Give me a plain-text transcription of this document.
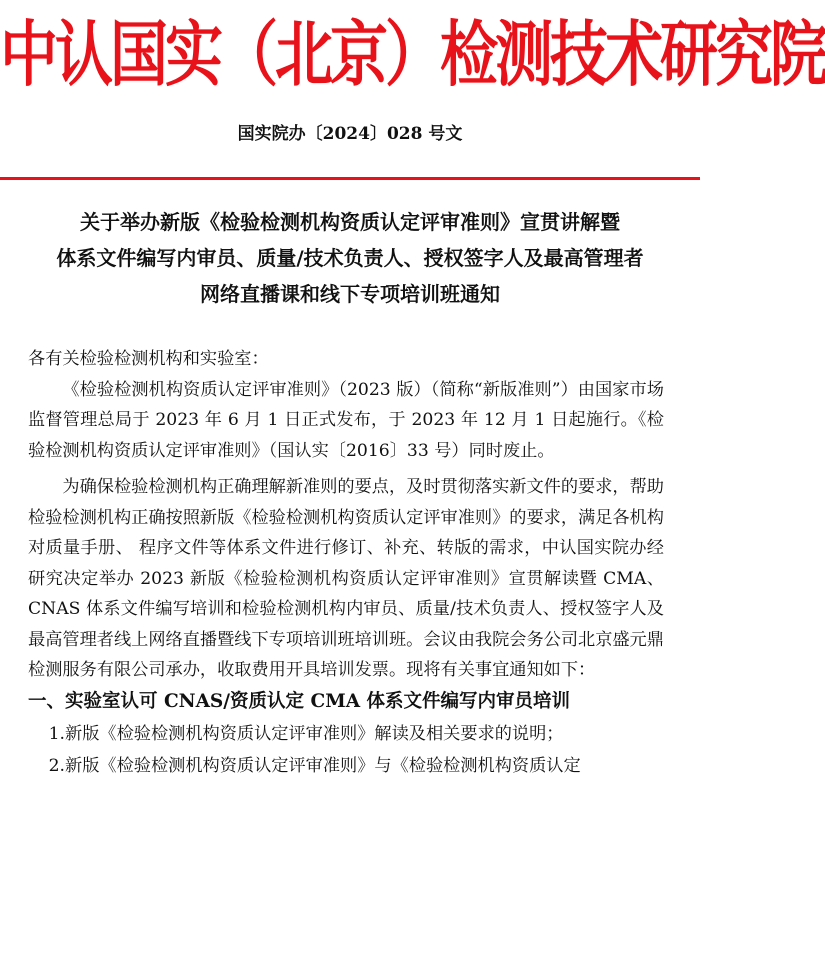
中认国实（北京）检测技术研究院
国实院办〔2024〕028 号文
关于举办新版《检验检测机构资质认定评审准则》宣贯讲解暨
体系文件编写内审员、质量/技术负责人、授权签字人及最高管理者
网络直播课和线下专项培训班通知

各有关检验检测机构和实验室：

《检验检测机构资质认定评审准则》（2023 版）（简称“新版准则”）由国家市场监督管理总局于 2023 年 6 月 1 日正式发布，于 2023 年 12 月 1 日起施行。《检验检测机构资质认定评审准则》（国认实〔2016〕33 号）同时废止。

为确保检验检测机构正确理解新准则的要点，及时贯彻落实新文件的要求，帮助检验检测机构正确按照新版《检验检测机构资质认定评审准则》的要求，满足各机构对质量手册、 程序文件等体系文件进行修订、补充、转版的需求，中认国实院办经研究决定举办 2023 新版《检验检测机构资质认定评审准则》宣贯解读暨 CMA、CNAS 体系文件编写培训和检验检测机构内审员、质量/技术负责人、授权签字人及最高管理者线上网络直播暨线下专项培训班培训班。会议由我院会务公司北京盛元鼎检测服务有限公司承办，收取费用开具培训发票。现将有关事宜通知如下：

一、实验室认可 CNAS/资质认定 CMA 体系文件编写内审员培训

1.新版《检验检测机构资质认定评审准则》解读及相关要求的说明；

2.新版《检验检测机构资质认定评审准则》与《检验检测机构资质认定
